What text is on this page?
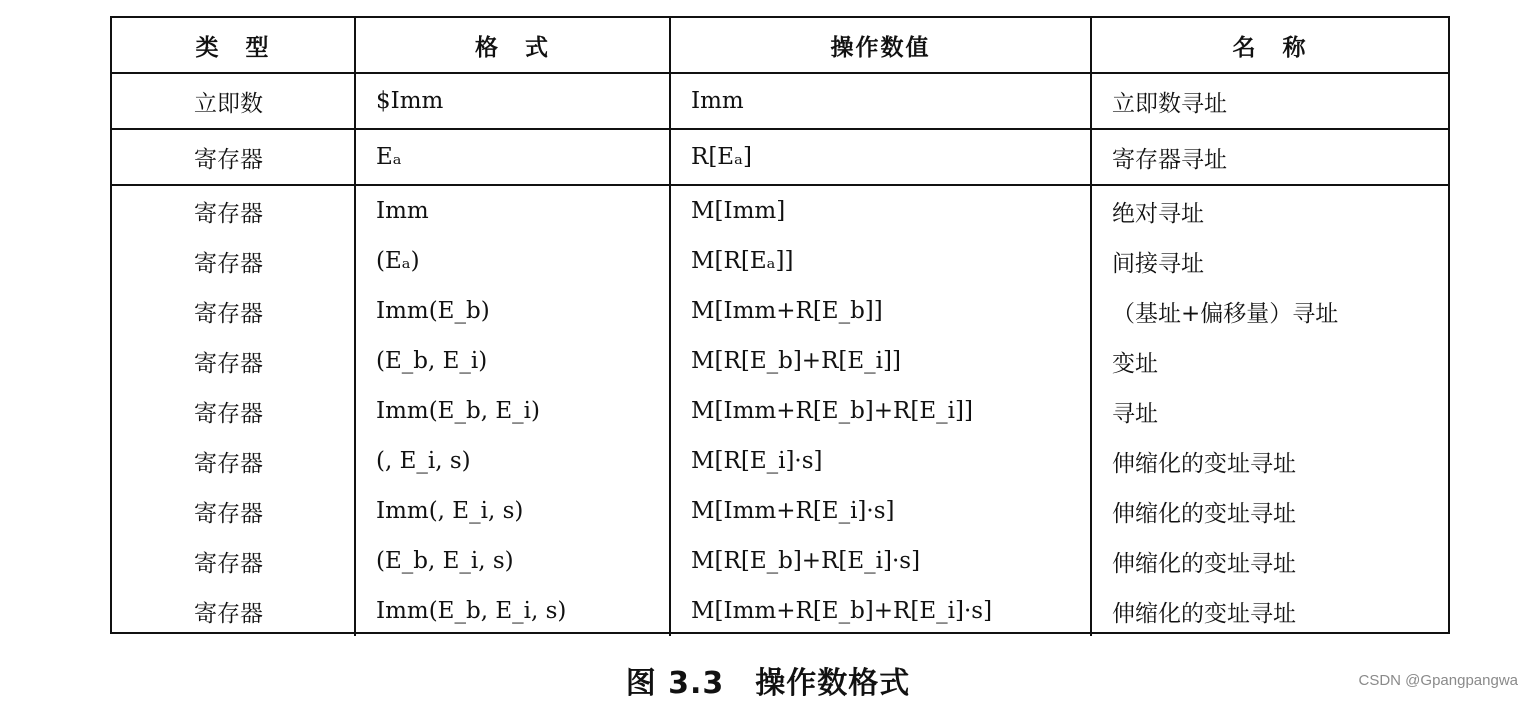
类　型	格　式	操作数值	名　称
立即数	$Imm	Imm	立即数寻址
寄存器	Eₐ	R[Eₐ]	寄存器寻址
寄存器	Imm	M[Imm]	绝对寻址
寄存器	(Eₐ)	M[R[Eₐ]]	间接寻址
寄存器	Imm(E_b)	M[Imm+R[E_b]]	（基址+偏移量）寻址
寄存器	(E_b, E_i)	M[R[E_b]+R[E_i]]	变址
寄存器	Imm(E_b, E_i)	M[Imm+R[E_b]+R[E_i]]	寻址
寄存器	(, E_i, s)	M[R[E_i]·s]	伸缩化的变址寻址
寄存器	Imm(, E_i, s)	M[Imm+R[E_i]·s]	伸缩化的变址寻址
寄存器	(E_b, E_i, s)	M[R[E_b]+R[E_i]·s]	伸缩化的变址寻址
寄存器	Imm(E_b, E_i, s)	M[Imm+R[E_b]+R[E_i]·s]	伸缩化的变址寻址
图 3.3　操作数格式	CSDN @Gpangpangwa
